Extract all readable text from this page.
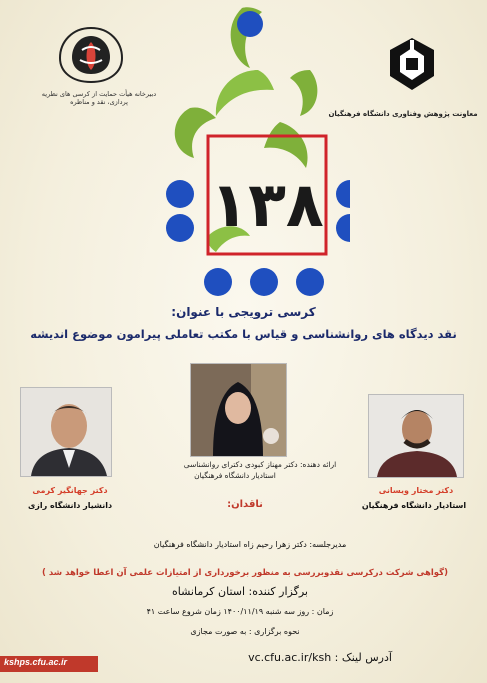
دبیرخانه هیأت حمایت از کرسی های نظریه پردازی، نقد و مناظره
معاونت پژوهش وفناوری دانشگاه فرهنگیان
۱۳۸
کرسی ترویجی با عنوان:
نقد دیدگاه های روانشناسی و قیاس با مکتب تعاملی پیرامون موضوع اندیشه
ارائه دهنده: دکتر مهناز کبودی دکترای روانشناسی
استادیار دانشگاه فرهنگیان
ناقدان:
دکتر جهانگیر کرمی
دانشیار دانشگاه رازی
دکتر مختار ویسانی
استادیار دانشگاه فرهنگیان
مدیرجلسه: دکتر زهرا رحیم زاه استادیار دانشگاه فرهنگیان
(گواهی شرکت درکرسی نقدوبررسی به منظور برخورداری از امتیازات علمی آن اعطا خواهد شد )
برگزار کننده: استان کرمانشاه
زمان : روز سه شنبه ۱۴۰۰/۱۱/۱۹ زمان شروع ساعت ۴۱
نحوه برگزاری : به صورت مجازی
آدرس لینک : vc.cfu.ac.ir/ksh
kshps.cfu.ac.ir
